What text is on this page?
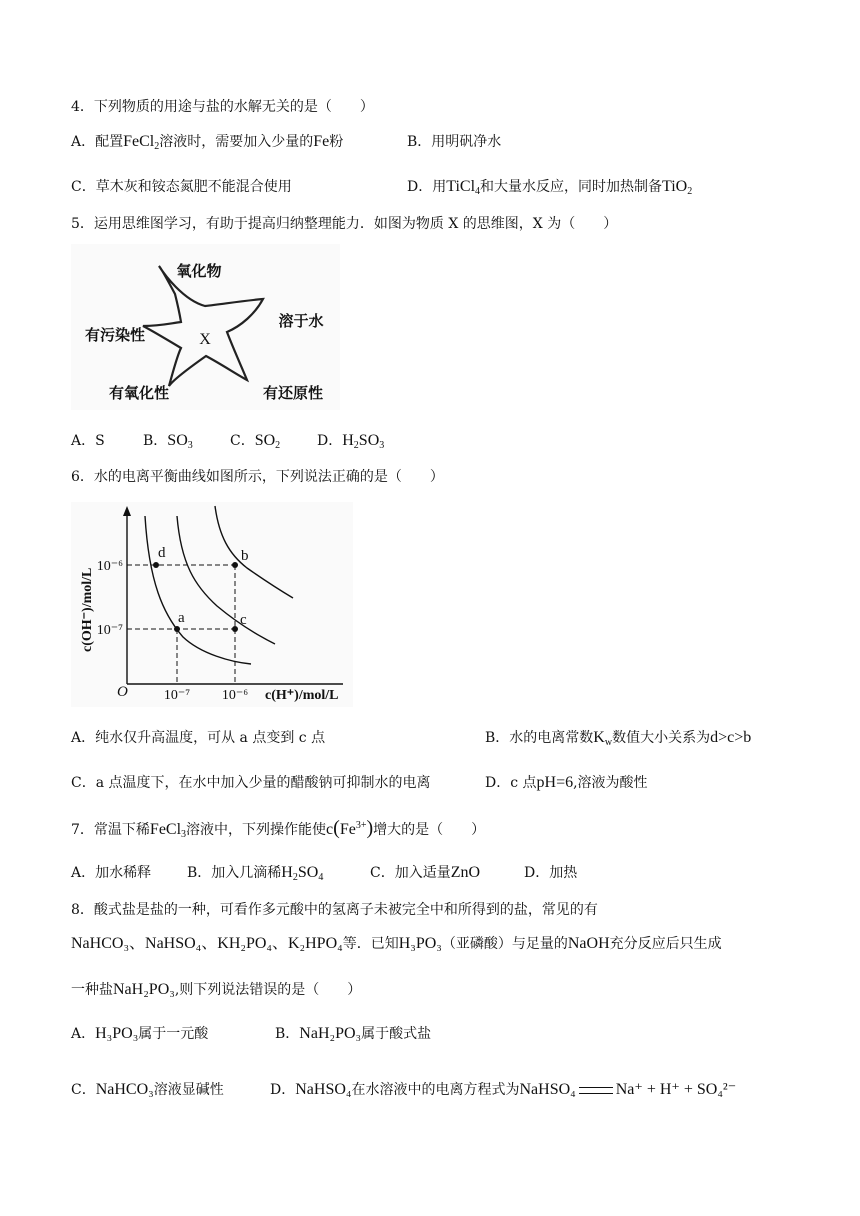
4．下列物质的用途与盐的水解无关的是（　　）
A．配置FeCl$_2$溶液时，需要加入少量的Fe粉	B．用明矾净水
C．草木灰和铵态氮肥不能混合使用	D．用TiCl$_4$和大量水反应，同时加热制备TiO$_2$
5．运用思维图学习，有助于提高归纳整理能力．如图为物质 X 的思维图，X 为（　　）
X
氧化物
溶于水
有污染性
有氧化性	有还原性
A．S	B．$SO_3$	C．$SO_2$	D．$H_2SO_3$
6．水的电离平衡曲线如图所示，下列说法正确的是（　　）
d	b
a	c
10⁻⁶
10⁻⁷
10⁻⁷ 10⁻⁶
O	c(H⁺)/mol/L
c(OH⁻)/mol/L
A．纯水仅升高温度，可从 a 点变到 c 点	B．水的电离常数$K_w$数值大小关系为d>c>b
C．a 点温度下，在水中加入少量的醋酸钠可抑制水的电离	D．c 点pH=6,溶液为酸性
7．常温下稀FeCl$_3$溶液中，下列操作能使$c(Fe^{3+})$增大的是（　　）
A．加水稀释	B．加入几滴稀$H_2SO_4$	C．加入适量ZnO	D．加热
8．酸式盐是盐的一种，可看作多元酸中的氢离子未被完全中和所得到的盐，常见的有
NaHCO₃、NaHSO₄、KH₂PO₄、K₂HPO₄等．已知H₃PO₃（亚磷酸）与足量的NaOH充分反应后只生成
一种盐NaH₂PO₃,则下列说法错误的是（　　）
A．H₃PO₃属于一元酸	B．NaH₂PO₃属于酸式盐
C．NaHCO₃溶液显碱性	D．NaHSO₄在水溶液中的电离方程式为NaHSO₄	Na⁺ + H⁺ + SO₄²⁻
